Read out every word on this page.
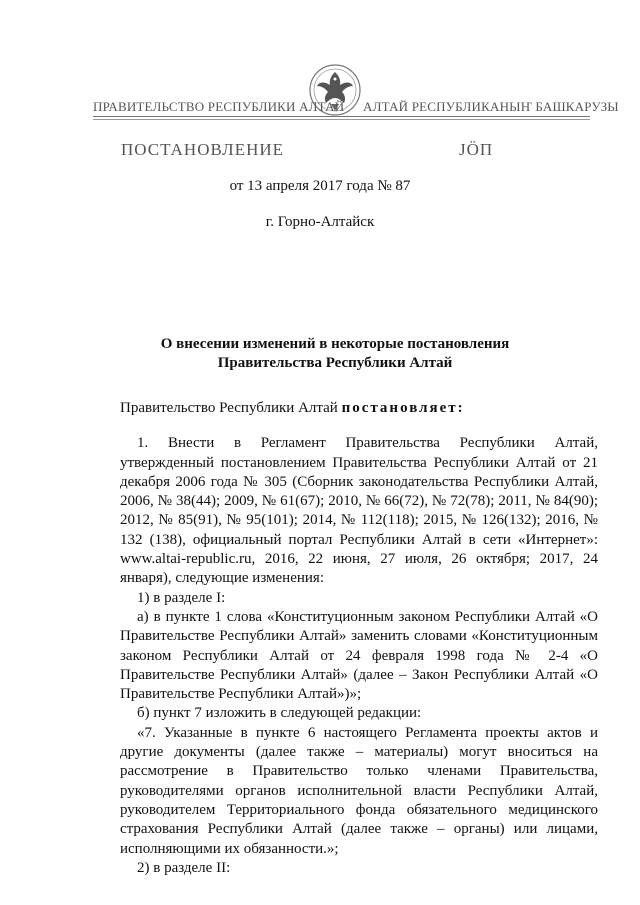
ПРАВИТЕЛЬСТВО РЕСПУБЛИКИ АЛТАЙ АЛТАЙ РЕСПУБЛИКАНЫҤ БАШКАРУЗЫ
ПОСТАНОВЛЕНИЕ	JÖП
от 13 апреля 2017 года № 87
г. Горно-Алтайск
О внесении изменений в некоторые постановления
Правительства Республики Алтай

Правительство Республики Алтай постановляет:

1. Внести в Регламент Правительства Республики Алтай, утвержденный постановлением Правительства Республики Алтай от 21 декабря 2006 года № 305 (Сборник законодательства Республики Алтай, 2006, № 38(44); 2009, № 61(67); 2010, № 66(72), № 72(78); 2011, № 84(90); 2012, № 85(91), № 95(101); 2014, № 112(118); 2015, № 126(132); 2016, № 132 (138), официальный портал Республики Алтай в сети «Интернет»: www.altai-republic.ru, 2016, 22 июня, 27 июля, 26 октября; 2017, 24 января), следующие изменения:

1) в разделе I:

а) в пункте 1 слова «Конституционным законом Республики Алтай «О Правительстве Республики Алтай» заменить словами «Конституционным законом Республики Алтай от 24 февраля 1998 года № 2-4 «О Правительстве Республики Алтай» (далее – Закон Республики Алтай «О Правительстве Республики Алтай»)»;

б) пункт 7 изложить в следующей редакции:

«7. Указанные в пункте 6 настоящего Регламента проекты актов и другие документы (далее также – материалы) могут вноситься на рассмотрение в Правительство только членами Правительства, руководителями органов исполнительной власти Республики Алтай, руководителем Территориального фонда обязательного медицинского страхования Республики Алтай (далее также – органы) или лицами, исполняющими их обязанности.»;

2) в разделе II:
